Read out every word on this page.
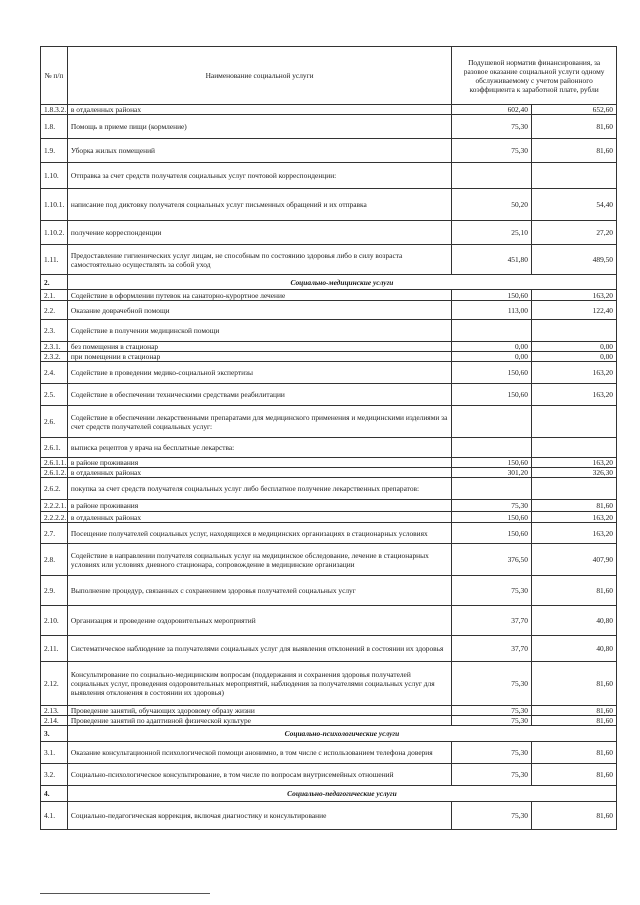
№ п/п	Наименование социальной услуги	Подушевой норматив финансирования, за разовое оказание социальной услуги одному обслуживаемому с учетом районного коэффициента к заработной плате, рубли	
1.8.3.2.	в отдаленных районах	602,40	652,60
1.8.	Помощь в приеме пищи (кормление)	75,30	81,60
1.9.	Уборка жилых помещений	75,30	81,60
1.10.	Отправка за счет средств получателя социальных услуг почтовой корреспонденции:		
1.10.1.	написание под диктовку получателя социальных услуг письменных обращений и их отправка	50,20	54,40
1.10.2.	получение корреспонденции	25,10	27,20
1.11.	Предоставление гигиенических услуг лицам, не способным по состоянию здоровья либо в силу возраста самостоятельно осуществлять за собой уход	451,80	489,50
2.	Социально-медицинские услуги		
2.1.	Содействие в оформлении путевок на санаторно-курортное лечение	150,60	163,20
2.2.	Оказание доврачебной помощи	113,00	122,40
2.3.	Содействие в получении медицинской помощи		
2.3.1.	без помещения в стационар	0,00	0,00
2.3.2.	при помещении в стационар	0,00	0,00
2.4.	Содействие в проведении медико-социальной экспертизы	150,60	163,20
2.5.	Содействие в обеспечении техническими средствами реабилитации	150,60	163,20
2.6.	Содействие в обеспечении лекарственными препаратами для медицинского применения и медицинскими изделиями за счет средств получателей социальных услуг:		
2.6.1.	выписка рецептов у врача на бесплатные лекарства:		
2.6.1.1.	в районе проживания	150,60	163,20
2.6.1.2.	в отдаленных районах	301,20	326,30
2.6.2.	покупка за счет средств получателя социальных услуг либо бесплатное получение лекарственных препаратов:		
2.2.2.1.	в районе проживания	75,30	81,60
2.2.2.2.	в отдаленных районах	150,60	163,20
2.7.	Посещение получателей социальных услуг, находящихся в медицинских организациях в стационарных условиях	150,60	163,20
2.8.	Содействие в направлении получателя социальных услуг на медицинское обследование, лечение в стационарных условиях или условиях дневного стационара, сопровождение в медицинские организации	376,50	407,90
2.9.	Выполнение процедур, связанных с сохранением здоровья получателей социальных услуг	75,30	81,60
2.10.	Организация и проведение оздоровительных мероприятий	37,70	40,80
2.11.	Систематическое наблюдение за получателями социальных услуг для выявления отклонений в состоянии их здоровья	37,70	40,80
2.12.	Консультирование по социально-медицинским вопросам (поддержания и сохранения здоровья получателей социальных услуг, проведения оздоровительных мероприятий, наблюдения за получателями социальных услуг для выявления отклонения в состоянии их здоровья)	75,30	81,60
2.13.	Проведение занятий, обучающих здоровому образу жизни	75,30	81,60
2.14.	Проведение занятий по адаптивной физической культуре	75,30	81,60
3.	Социально-психологические услуги		
3.1.	Оказание консультационной психологической помощи анонимно, в том числе с использованием телефона доверия	75,30	81,60
3.2.	Социально-психологическое консультирование, в том числе по вопросам внутрисемейных отношений	75,30	81,60
4.	Социально-педагогические услуги		
4.1.	Социально-педагогическая коррекция, включая диагностику и консультирование	75,30	81,60
